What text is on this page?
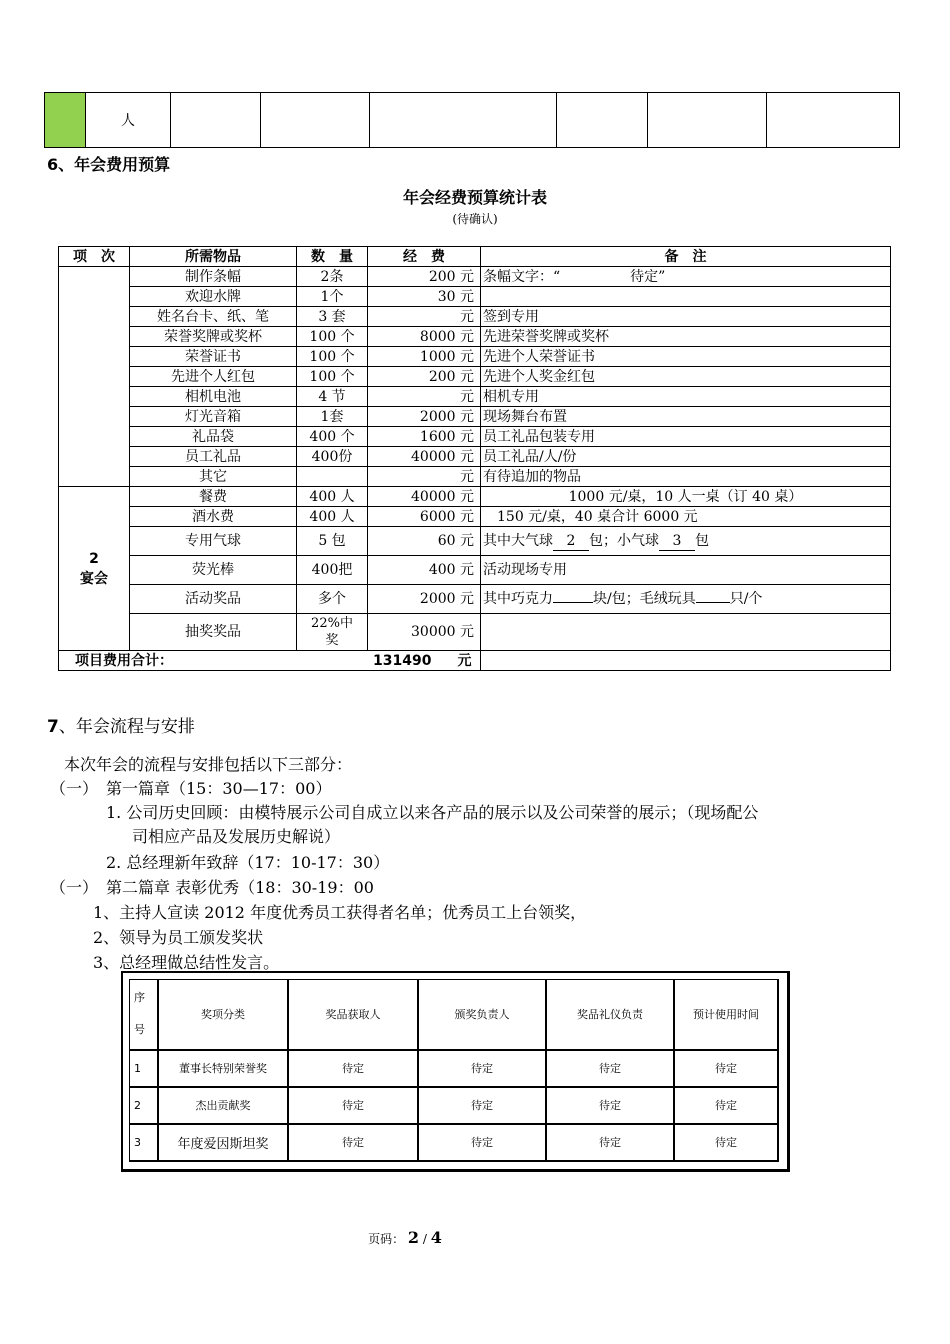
	人						
6、年会费用预算
年会经费预算统计表
(待确认)
项　次	所需物品	数　量	经　费	备　注
	制作条幅	2条	200 元	条幅文字：“　　　　　待定”
	欢迎水牌	1个	30 元	
	姓名台卡、纸、笔	3 套	元	签到专用
	荣誉奖牌或奖杯	100 个	8000 元	先进荣誉奖牌或奖杯
	荣誉证书	100 个	1000 元	先进个人荣誉证书
	先进个人红包	100 个	200 元	先进个人奖金红包
	相机电池	4 节	元	相机专用
	灯光音箱	1套	2000 元	现场舞台布置
	礼品袋	400 个	1600 元	员工礼品包装专用
	员工礼品	400份	40000 元	员工礼品/人/份
	其它		元	有待追加的物品
2
宴会	餐费	400 人	40000 元	1000 元/桌，10 人一桌（订 40 桌）
	酒水费	400 人	6000 元	150 元/桌，40 桌合计 6000 元
	专用气球	5 包	60 元	其中大气球 2 包；小气球 3 包
	荧光棒	400把	400 元	活动现场专用
	活动奖品	多个	2000 元	其中巧克力 块/包；毛绒玩具 只/个
	抽奖奖品	22%中奖	30000 元	
项目费用合计： 131490 元				
7、年会流程与安排
本次年会的流程与安排包括以下三部分：
（一）　第一篇章（15：30—17：00）
1. 公司历史回顾：由模特展示公司自成立以来各产品的展示以及公司荣誉的展示；（现场配公
司相应产品及发展历史解说）
2. 总经理新年致辞（17：10-17：30）
（一）　第二篇章 表彰优秀（18：30-19：00
1、主持人宣读 2012 年度优秀员工获得者名单；优秀员工上台领奖，
2、领导为员工颁发奖状
3、总经理做总结性发言。
序
号	奖项分类	奖品获取人	颁奖负责人	奖品礼仪负责	预计使用时间
1	董事长特别荣誉奖	待定	待定	待定	待定
2	杰出贡献奖	待定	待定	待定	待定
3	年度爱因斯坦奖	待定	待定	待定	待定
页码： 2 / 4
